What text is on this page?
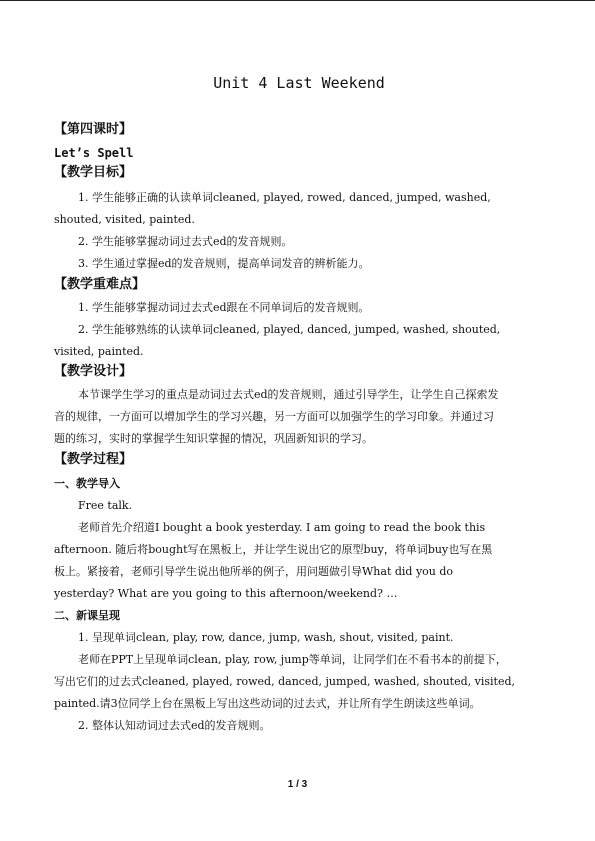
Unit 4 Last Weekend
【第四课时】
Let’s Spell
【教学目标】
1. 学生能够正确的认读单词cleaned, played, rowed, danced, jumped, washed,
shouted, visited, painted.
2. 学生能够掌握动词过去式ed的发音规则。
3. 学生通过掌握ed的发音规则，提高单词发音的辨析能力。
【教学重难点】
1. 学生能够掌握动词过去式ed跟在不同单词后的发音规则。
2. 学生能够熟练的认读单词cleaned, played, danced, jumped, washed, shouted,
visited, painted.
【教学设计】
本节课学生学习的重点是动词过去式ed的发音规则，通过引导学生，让学生自己探索发
音的规律，一方面可以增加学生的学习兴趣，另一方面可以加强学生的学习印象。并通过习
题的练习，实时的掌握学生知识掌握的情况，巩固新知识的学习。
【教学过程】
一、教学导入
Free talk.
老师首先介绍道I bought a book yesterday. I am going to read the book this
afternoon. 随后将bought写在黑板上，并让学生说出它的原型buy，将单词buy也写在黑
板上。紧接着，老师引导学生说出他所举的例子，用问题做引导What did you do
yesterday? What are you going to this afternoon/weekend? …
二、新课呈现
1. 呈现单词clean, play, row, dance, jump, wash, shout, visited, paint.
老师在PPT上呈现单词clean, play, row, jump等单词，让同学们在不看书本的前提下，
写出它们的过去式cleaned, played, rowed, danced, jumped, washed, shouted, visited,
painted.请3位同学上台在黑板上写出这些动词的过去式，并让所有学生朗读这些单词。
2. 整体认知动词过去式ed的发音规则。
1 / 3
